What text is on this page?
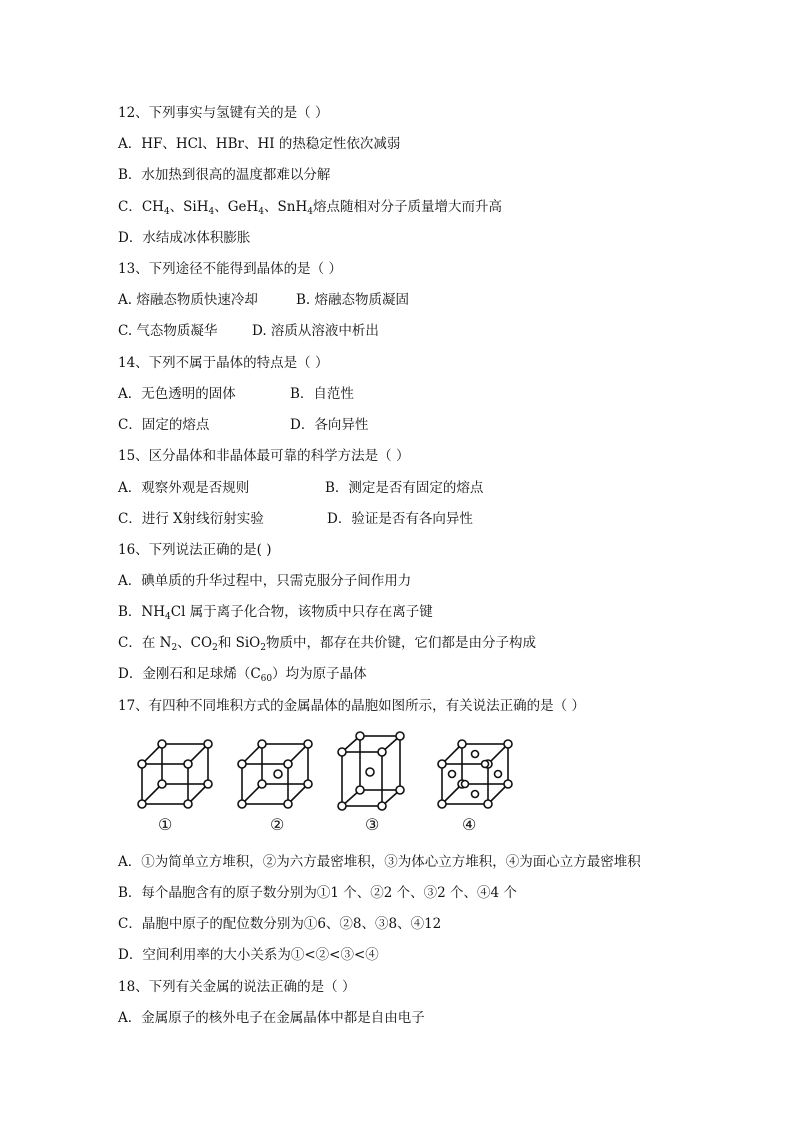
12、下列事实与氢键有关的是（ ）
A．HF、HCl、HBr、HI 的热稳定性依次减弱
B．水加热到很高的温度都难以分解
C．$CH_4$、SiH$_4$、GeH$_4$、SnH$_4$熔点随相对分子质量增大而升高
D．水结成冰体积膨胀
13、下列途径不能得到晶体的是（ ）
A. 熔融态物质快速冷却	B. 熔融态物质凝固
C. 气态物质凝华	D. 溶质从溶液中析出
14、下列不属于晶体的特点是（ ）
A．无色透明的固体	B．自范性
C．固定的熔点	D．各向异性
15、区分晶体和非晶体最可靠的科学方法是（ ）
A．观察外观是否规则	B．测定是否有固定的熔点
C．进行 X射线衍射实验	D．验证是否有各向异性
16、下列说法正确的是( )
A．碘单质的升华过程中，只需克服分子间作用力
B．$NH_4Cl$ 属于离子化合物，该物质中只存在离子键
C．在 $N_2$、$CO_2$和 SiO$_2$物质中，都存在共价键，它们都是由分子构成
D．金刚石和足球烯$(C_{60})$均为原子晶体
17、有四种不同堆积方式的金属晶体的晶胞如图所示，有关说法正确的是（ ）
①	②	③	④
A．①为简单立方堆积，②为六方最密堆积，③为体心立方堆积，④为面心立方最密堆积
B．每个晶胞含有的原子数分别为①1 个、②2 个、③2 个、④4 个
C．晶胞中原子的配位数分别为①6、②8、③8、④12
D．空间利用率的大小关系为①<②<③<④
18、下列有关金属的说法正确的是（ ）
A．金属原子的核外电子在金属晶体中都是自由电子
